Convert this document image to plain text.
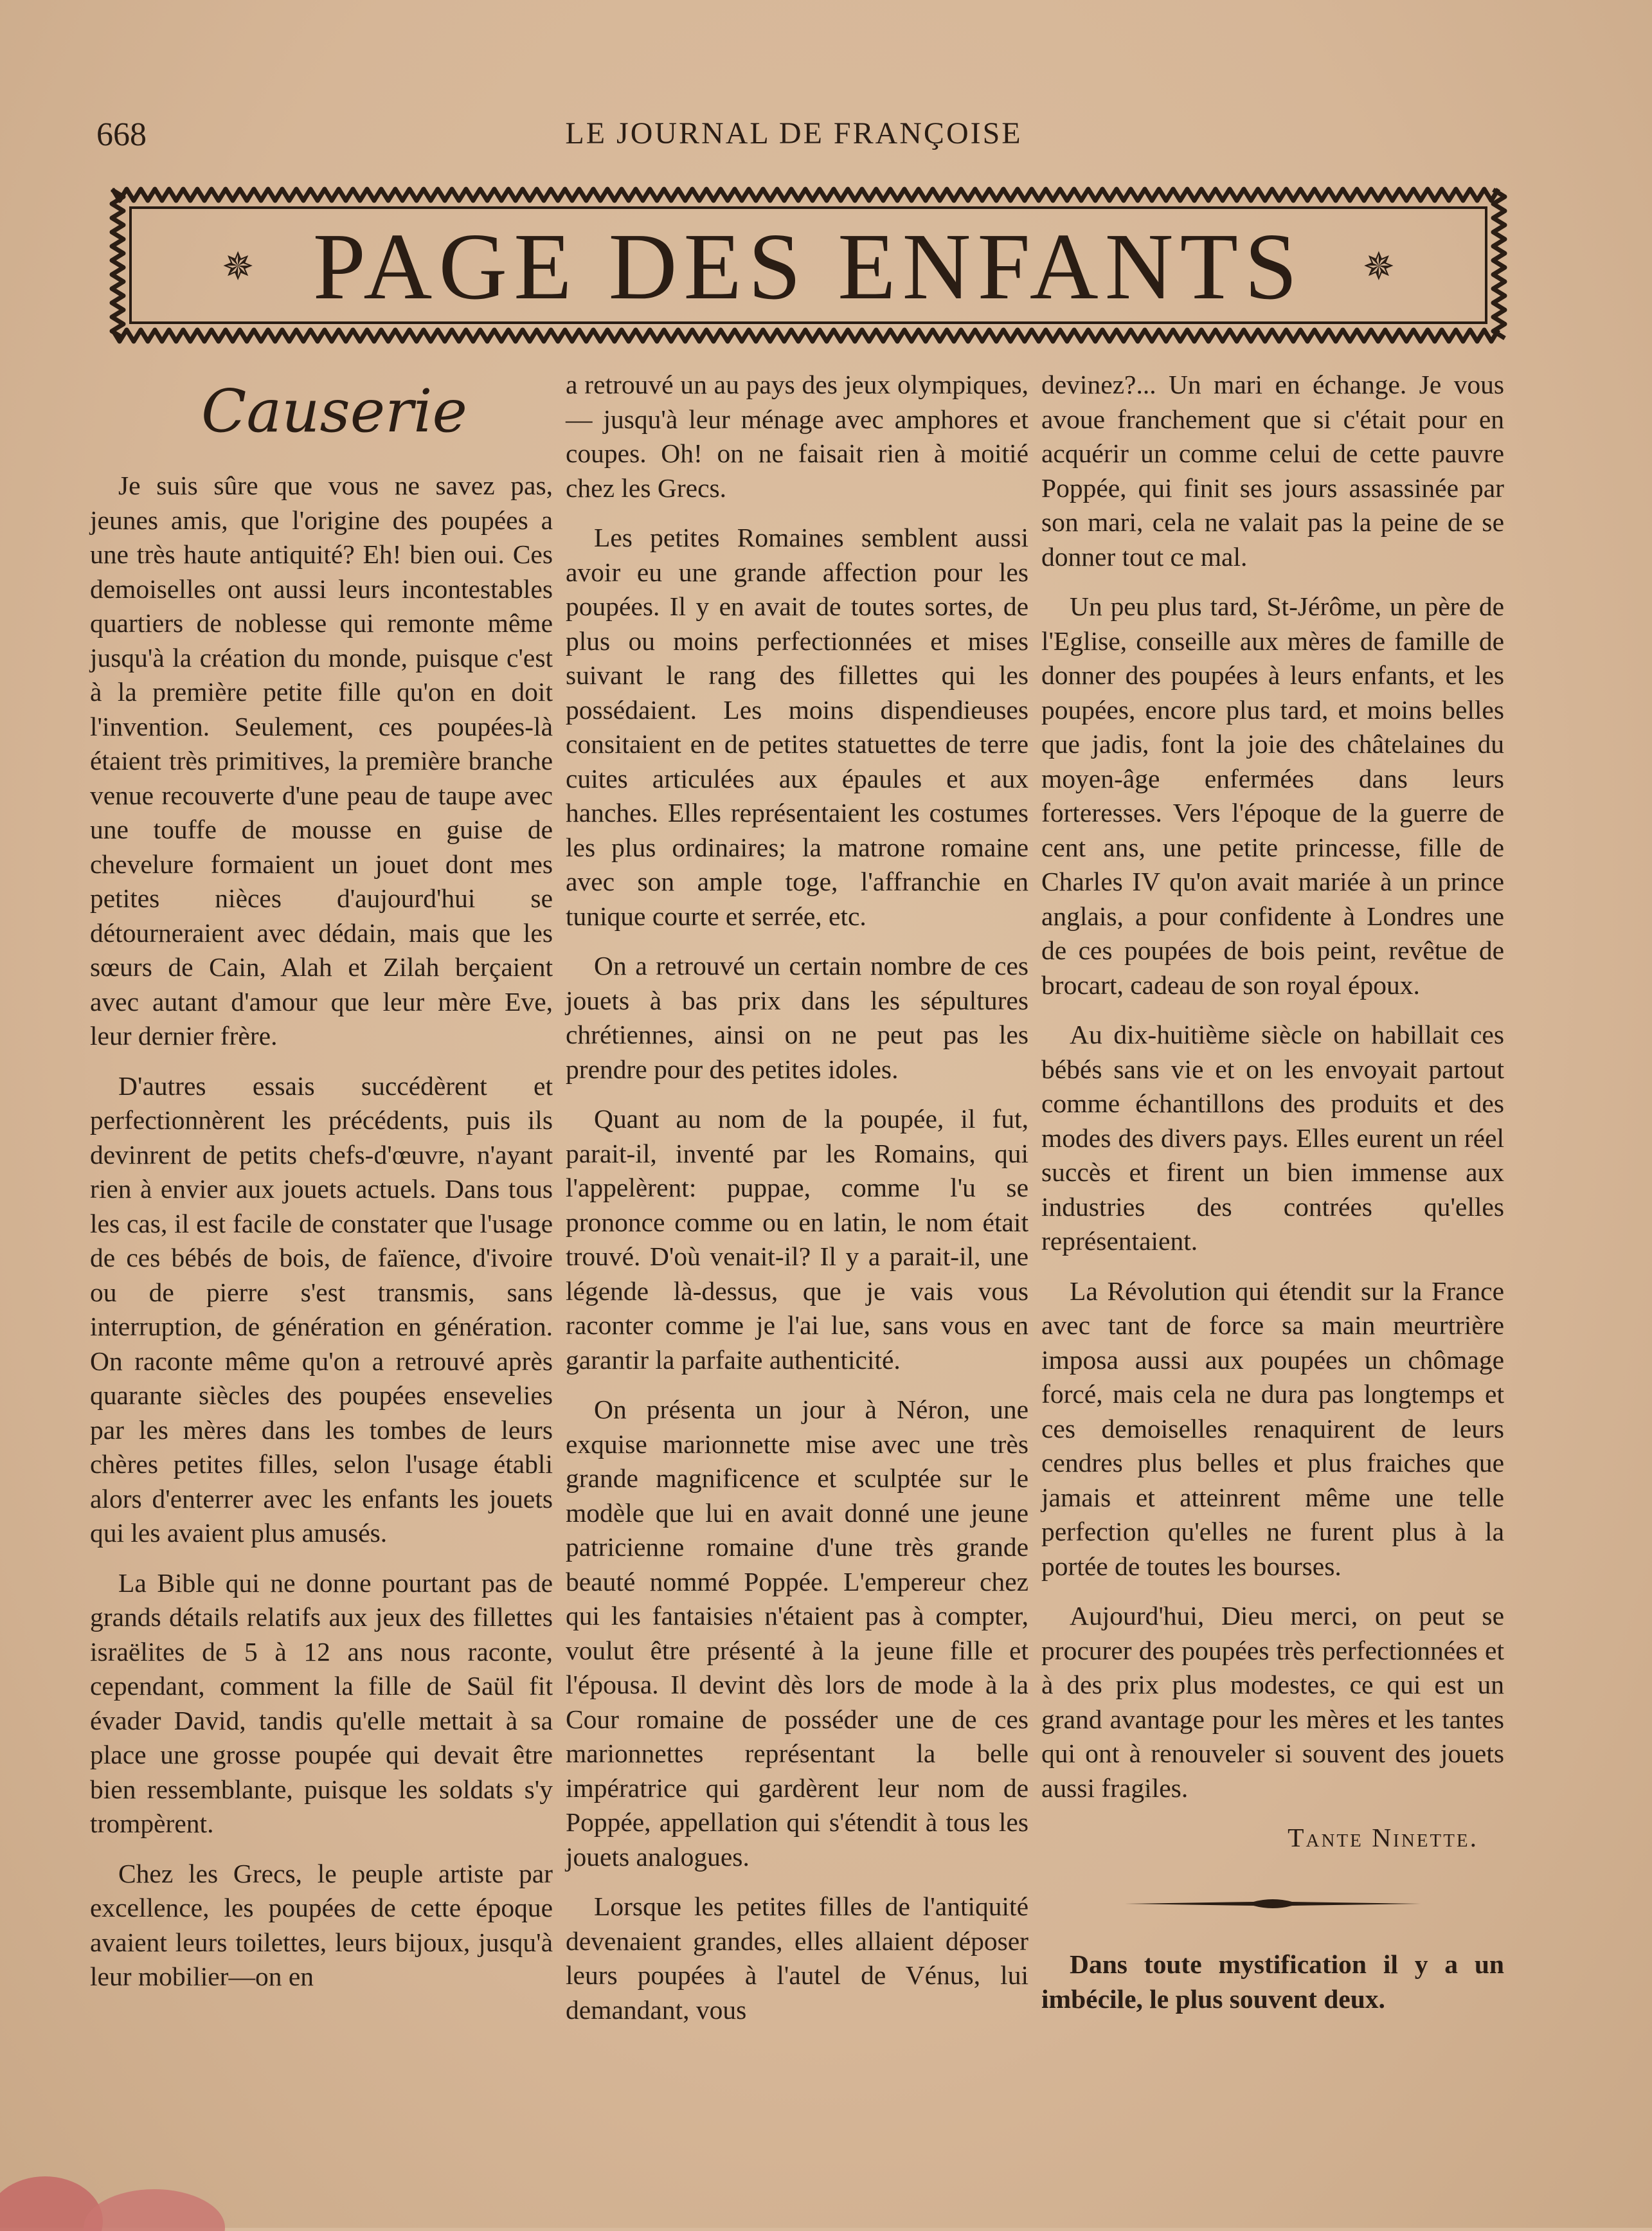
668	LE JOURNAL DE FRANÇOISE
✵ PAGE DES ENFANTS	✵
Causerie

Je suis sûre que vous ne savez pas, jeunes amis, que l'origine des poupées a une très haute antiquité? Eh! bien oui. Ces demoiselles ont aussi leurs incontestables quartiers de noblesse qui remonte même jusqu'à la création du monde, puisque c'est à la première petite fille qu'on en doit l'invention. Seulement, ces poupées-là étaient très primitives, la première branche venue recouverte d'une peau de taupe avec une touffe de mousse en guise de chevelure formaient un jouet dont mes petites nièces d'aujourd'hui se détourneraient avec dédain, mais que les sœurs de Cain, Alah et Zilah berçaient avec autant d'amour que leur mère Eve, leur dernier frère.

D'autres essais succédèrent et perfectionnèrent les précédents, puis ils devinrent de petits chefs-d'œuvre, n'ayant rien à envier aux jouets actuels. Dans tous les cas, il est facile de constater que l'usage de ces bébés de bois, de faïence, d'ivoire ou de pierre s'est transmis, sans interruption, de génération en génération. On raconte même qu'on a retrouvé après quarante siècles des poupées ensevelies par les mères dans les tombes de leurs chères petites filles, selon l'usage établi alors d'enterrer avec les enfants les jouets qui les avaient plus amusés.

La Bible qui ne donne pourtant pas de grands détails relatifs aux jeux des fillettes israëlites de 5 à 12 ans nous raconte, cependant, comment la fille de Saül fit évader David, tandis qu'elle mettait à sa place une grosse poupée qui devait être bien ressemblante, puisque les soldats s'y trompèrent.

Chez les Grecs, le peuple artiste par excellence, les poupées de cette époque avaient leurs toilettes, leurs bijoux, jusqu'à leur mobilier—on en

a retrouvé un au pays des jeux olympiques,— jusqu'à leur ménage avec amphores et coupes. Oh! on ne faisait rien à moitié chez les Grecs.

Les petites Romaines semblent aussi avoir eu une grande affection pour les poupées. Il y en avait de toutes sortes, de plus ou moins perfectionnées et mises suivant le rang des fillettes qui les possédaient. Les moins dispendieuses consitaient en de petites statuettes de terre cuites articulées aux épaules et aux hanches. Elles représentaient les costumes les plus ordinaires; la matrone romaine avec son ample toge, l'affranchie en tunique courte et serrée, etc.

On a retrouvé un certain nombre de ces jouets à bas prix dans les sépultures chrétiennes, ainsi on ne peut pas les prendre pour des petites idoles.

Quant au nom de la poupée, il fut, parait-il, inventé par les Romains, qui l'appelèrent: puppae, comme l'u se prononce comme ou en latin, le nom était trouvé. D'où venait-il? Il y a parait-il, une légende là-dessus, que je vais vous raconter comme je l'ai lue, sans vous en garantir la parfaite authenticité.

On présenta un jour à Néron, une exquise marionnette mise avec une très grande magnificence et sculptée sur le modèle que lui en avait donné une jeune patricienne romaine d'une très grande beauté nommé Poppée. L'empereur chez qui les fantaisies n'étaient pas à compter, voulut être présenté à la jeune fille et l'épousa. Il devint dès lors de mode à la Cour romaine de posséder une de ces marionnettes représentant la belle impératrice qui gardèrent leur nom de Poppée, appellation qui s'étendit à tous les jouets analogues.

Lorsque les petites filles de l'antiquité devenaient grandes, elles allaient déposer leurs poupées à l'autel de Vénus, lui demandant, vous

devinez?... Un mari en échange. Je vous avoue franchement que si c'était pour en acquérir un comme celui de cette pauvre Poppée, qui finit ses jours assassinée par son mari, cela ne valait pas la peine de se donner tout ce mal.

Un peu plus tard, St-Jérôme, un père de l'Eglise, conseille aux mères de famille de donner des poupées à leurs enfants, et les poupées, encore plus tard, et moins belles que jadis, font la joie des châtelaines du moyen-âge enfermées dans leurs forteresses. Vers l'époque de la guerre de cent ans, une petite princesse, fille de Charles IV qu'on avait mariée à un prince anglais, a pour confidente à Londres une de ces poupées de bois peint, revêtue de brocart, cadeau de son royal époux.

Au dix-huitième siècle on habillait ces bébés sans vie et on les envoyait partout comme échantillons des produits et des modes des divers pays. Elles eurent un réel succès et firent un bien immense aux industries des contrées qu'elles représentaient.

La Révolution qui étendit sur la France avec tant de force sa main meurtrière imposa aussi aux poupées un chômage forcé, mais cela ne dura pas longtemps et ces demoiselles renaquirent de leurs cendres plus belles et plus fraiches que jamais et atteinrent même une telle perfection qu'elles ne furent plus à la portée de toutes les bourses.

Aujourd'hui, Dieu merci, on peut se procurer des poupées très perfectionnées et à des prix plus modestes, ce qui est un grand avantage pour les mères et les tantes qui ont à renouveler si souvent des jouets aussi fragiles.

Tante Ninette.

Dans toute mystification il y a un imbécile, le plus souvent deux.
